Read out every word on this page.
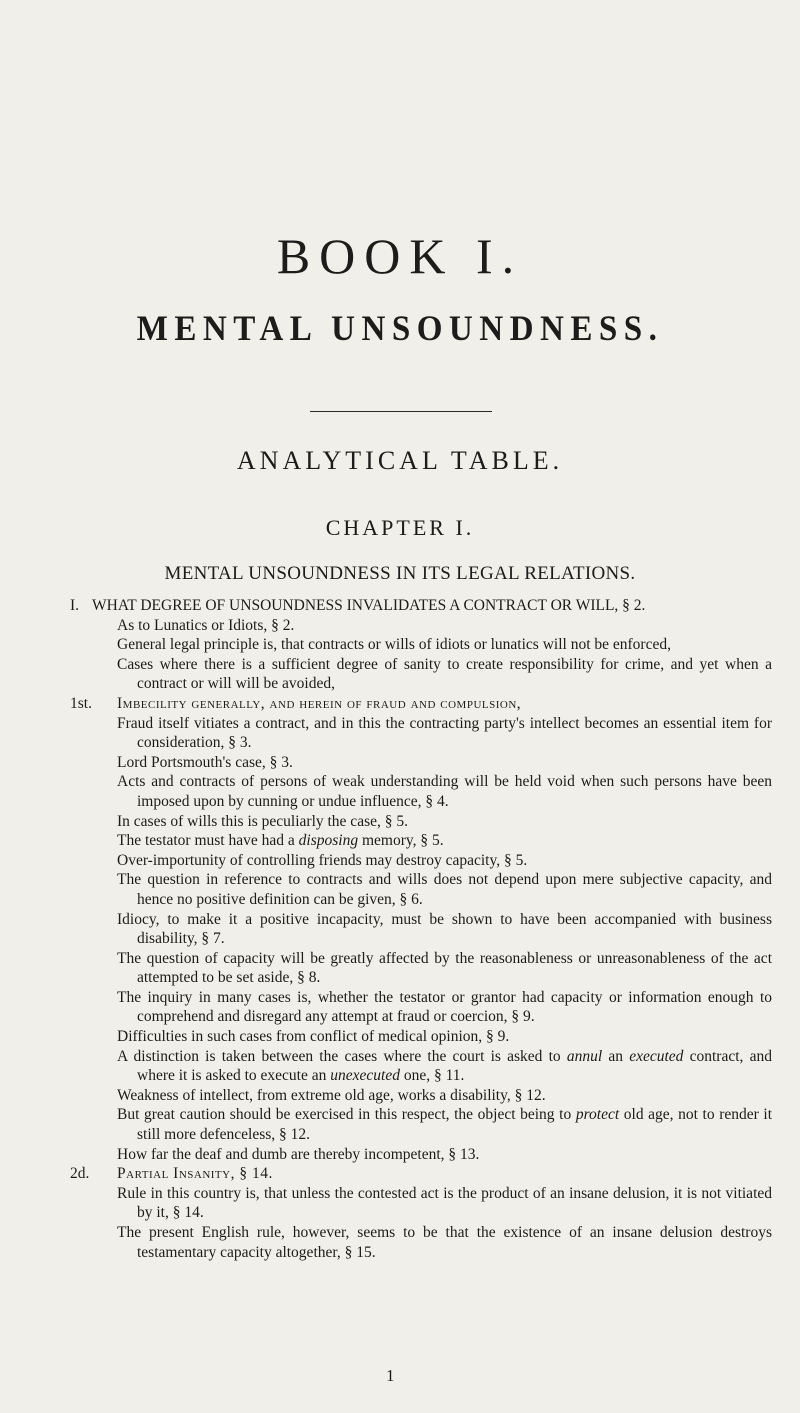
BOOK I.
MENTAL UNSOUNDNESS.
ANALYTICAL TABLE.
CHAPTER I.
MENTAL UNSOUNDNESS IN ITS LEGAL RELATIONS.
I. WHAT DEGREE OF UNSOUNDNESS INVALIDATES A CONTRACT OR WILL, § 2.

As to Lunatics or Idiots, § 2.

General legal principle is, that contracts or wills of idiots or lunatics will not be enforced,

Cases where there is a sufficient degree of sanity to create responsibility for crime, and yet when a contract or will will be avoided,

1st.	Imbecility generally, and herein of fraud and compulsion,

Fraud itself vitiates a contract, and in this the contracting party's intellect becomes an essential item for consideration, § 3.

Lord Portsmouth's case, § 3.

Acts and contracts of persons of weak understanding will be held void when such persons have been imposed upon by cunning or undue influence, § 4.

In cases of wills this is peculiarly the case, § 5.

The testator must have had a disposing memory, § 5.

Over-importunity of controlling friends may destroy capacity, § 5.

The question in reference to contracts and wills does not depend upon mere subjective capacity, and hence no positive definition can be given, § 6.

Idiocy, to make it a positive incapacity, must be shown to have been accompanied with business disability, § 7.

The question of capacity will be greatly affected by the reasonableness or unreasonableness of the act attempted to be set aside, § 8.

The inquiry in many cases is, whether the testator or grantor had capacity or information enough to comprehend and disregard any attempt at fraud or coercion, § 9.

Difficulties in such cases from conflict of medical opinion, § 9.

A distinction is taken between the cases where the court is asked to annul an executed contract, and where it is asked to execute an unexecuted one, § 11.

Weakness of intellect, from extreme old age, works a disability, § 12.

But great caution should be exercised in this respect, the object being to protect old age, not to render it still more defenceless, § 12.

How far the deaf and dumb are thereby incompetent, § 13.

2d.	Partial Insanity, § 14.

Rule in this country is, that unless the contested act is the product of an insane delusion, it is not vitiated by it, § 14.

The present English rule, however, seems to be that the existence of an insane delusion destroys testamentary capacity altogether, § 15.

1
